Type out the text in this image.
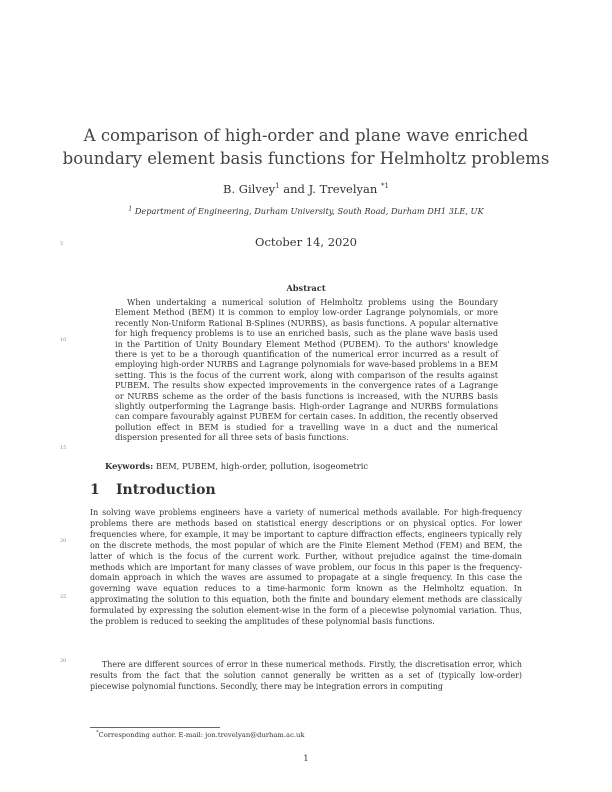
A comparison of high-order and plane wave enriched boundary element basis functions for Helmholtz problems
B. Gilvey$^1$ and J. Trevelyan $^{*1}$
$^1$ Department of Engineering, Durham University, South Road, Durham DH1 3LE, UK
October 14, 2020
5
10
15
20
25
30
Abstract
When undertaking a numerical solution of Helmholtz problems using the Boundary Element Method (BEM) it is common to employ low-order Lagrange polynomials, or more recently Non-Uniform Rational B-Splines (NURBS), as basis functions. A popular alternative for high frequency problems is to use an enriched basis, such as the plane wave basis used in the Partition of Unity Boundary Element Method (PUBEM). To the authors' knowledge there is yet to be a thorough quantification of the numerical error incurred as a result of employing high-order NURBS and Lagrange polynomials for wave-based problems in a BEM setting. This is the focus of the current work, along with comparison of the results against PUBEM. The results show expected improvements in the convergence rates of a Lagrange or NURBS scheme as the order of the basis functions is increased, with the NURBS basis slightly outperforming the Lagrange basis. High-order Lagrange and NURBS formulations can compare favourably against PUBEM for certain cases. In addition, the recently observed pollution effect in BEM is studied for a travelling wave in a duct and the numerical dispersion presented for all three sets of basis functions.
Keywords: BEM, PUBEM, high-order, pollution, isogeometric
1 Introduction
In solving wave problems engineers have a variety of numerical methods available. For high-frequency problems there are methods based on statistical energy descriptions or on physical optics. For lower frequencies where, for example, it may be important to capture diffraction effects, engineers typically rely on the discrete methods, the most popular of which are the Finite Element Method (FEM) and BEM, the latter of which is the focus of the current work. Further, without prejudice against the time-domain methods which are important for many classes of wave problem, our focus in this paper is the frequency-domain approach in which the waves are assumed to propagate at a single frequency. In this case the governing wave equation reduces to a time-harmonic form known as the Helmholtz equation. In approximating the solution to this equation, both the finite and boundary element methods are classically formulated by expressing the solution element-wise in the form of a piecewise polynomial variation. Thus, the problem is reduced to seeking the amplitudes of these polynomial basis functions.
There are different sources of error in these numerical methods. Firstly, the discretisation error, which results from the fact that the solution cannot generally be written as a set of (typically low-order) piecewise polynomial functions. Secondly, there may be integration errors in computing
*Corresponding author. E-mail: jon.trevelyan@durham.ac.uk
1
